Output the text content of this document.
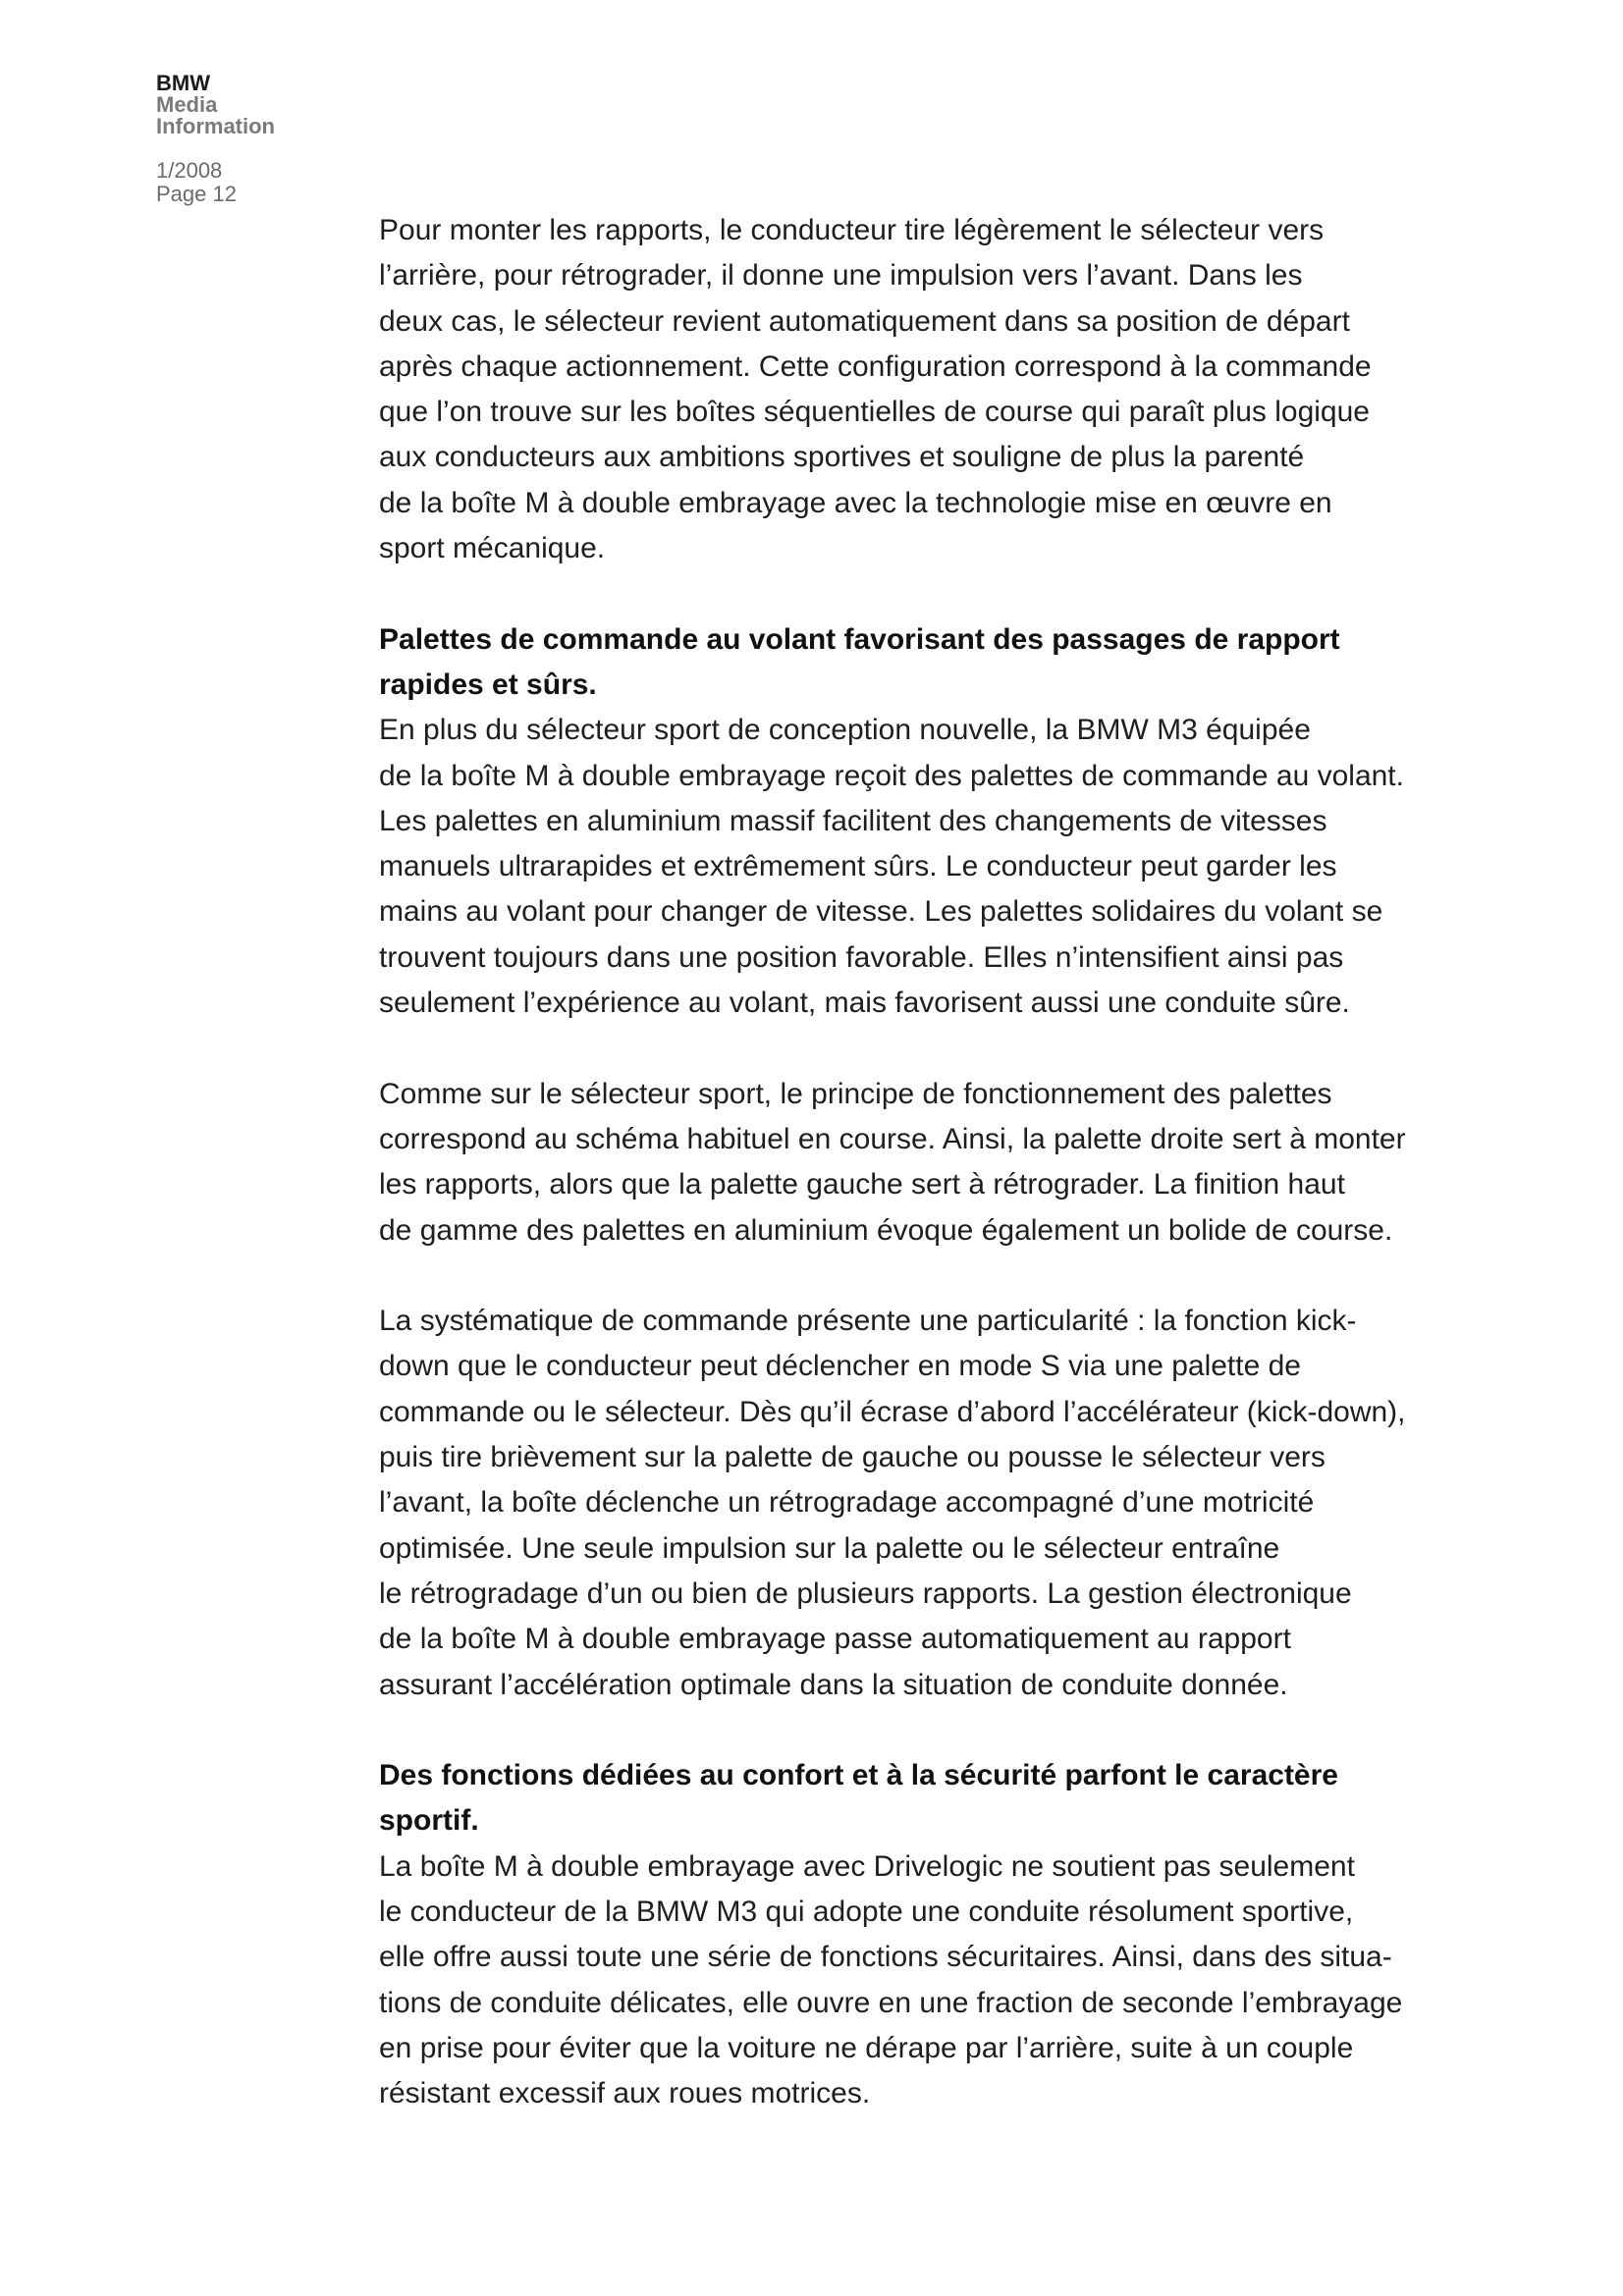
BMW
Media
Information
1/2008
Page 12
Pour monter les rapports, le conducteur tire légèrement le sélecteur vers
l’arrière, pour rétrograder, il donne une impulsion vers l’avant. Dans les
deux cas, le sélecteur revient automatiquement dans sa position de départ
après chaque actionnement. Cette configuration correspond à la commande
que l’on trouve sur les boîtes séquentielles de course qui paraît plus logique
aux conducteurs aux ambitions sportives et souligne de plus la parenté
de la boîte M à double embrayage avec la technologie mise en œuvre en
sport mécanique.
Palettes de commande au volant favorisant des passages de rapport
rapides et sûrs.
En plus du sélecteur sport de conception nouvelle, la BMW M3 équipée
de la boîte M à double embrayage reçoit des palettes de commande au volant.
Les palettes en aluminium massif facilitent des changements de vitesses
manuels ultrarapides et extrêmement sûrs. Le conducteur peut garder les
mains au volant pour changer de vitesse. Les palettes solidaires du volant se
trouvent toujours dans une position favorable. Elles n’intensifient ainsi pas
seulement l’expérience au volant, mais favorisent aussi une conduite sûre.
Comme sur le sélecteur sport, le principe de fonctionnement des palettes
correspond au schéma habituel en course. Ainsi, la palette droite sert à monter
les rapports, alors que la palette gauche sert à rétrograder. La finition haut
de gamme des palettes en aluminium évoque également un bolide de course.
La systématique de commande présente une particularité : la fonction kick-
down que le conducteur peut déclencher en mode S via une palette de
commande ou le sélecteur. Dès qu’il écrase d’abord l’accélérateur (kick-down),
puis tire brièvement sur la palette de gauche ou pousse le sélecteur vers
l’avant, la boîte déclenche un rétrogradage accompagné d’une motricité
optimisée. Une seule impulsion sur la palette ou le sélecteur entraîne
le rétrogradage d’un ou bien de plusieurs rapports. La gestion électronique
de la boîte M à double embrayage passe automatiquement au rapport
assurant l’accélération optimale dans la situation de conduite donnée.
Des fonctions dédiées au confort et à la sécurité parfont le caractère
sportif.
La boîte M à double embrayage avec Drivelogic ne soutient pas seulement
le conducteur de la BMW M3 qui adopte une conduite résolument sportive,
elle offre aussi toute une série de fonctions sécuritaires. Ainsi, dans des situa-
tions de conduite délicates, elle ouvre en une fraction de seconde l’embrayage
en prise pour éviter que la voiture ne dérape par l’arrière, suite à un couple
résistant excessif aux roues motrices.
